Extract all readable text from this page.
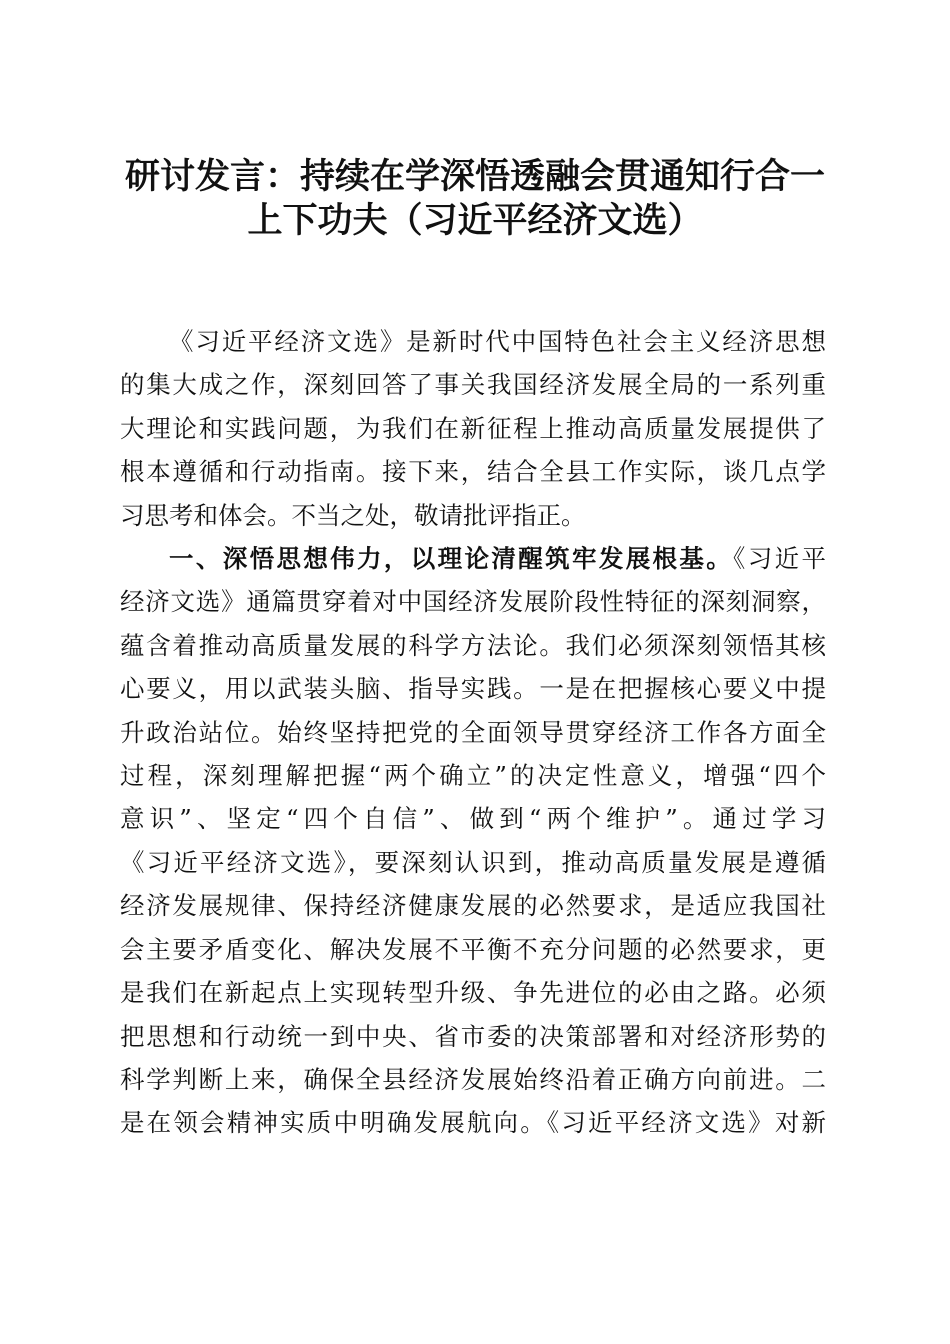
研讨发言：持续在学深悟透融会贯通知行合一
上下功夫（习近平经济文选）
《习近平经济文选》是新时代中国特色社会主义经济思想
的集大成之作，深刻回答了事关我国经济发展全局的一系列重
大理论和实践问题，为我们在新征程上推动高质量发展提供了
根本遵循和行动指南。接下来，结合全县工作实际，谈几点学
习思考和体会。不当之处，敬请批评指正。
一、深悟思想伟力，以理论清醒筑牢发展根基。《习近平
经济文选》通篇贯穿着对中国经济发展阶段性特征的深刻洞察，
蕴含着推动高质量发展的科学方法论。我们必须深刻领悟其核
心要义，用以武装头脑、指导实践。一是在把握核心要义中提
升政治站位。始终坚持把党的全面领导贯穿经济工作各方面全
过程，深刻理解把握“两个确立”的决定性意义，增强“四个
意识”、坚定“四个自信”、做到“两个维护”。通过学习
《习近平经济文选》，要深刻认识到，推动高质量发展是遵循
经济发展规律、保持经济健康发展的必然要求，是适应我国社
会主要矛盾变化、解决发展不平衡不充分问题的必然要求，更
是我们在新起点上实现转型升级、争先进位的必由之路。必须
把思想和行动统一到中央、省市委的决策部署和对经济形势的
科学判断上来，确保全县经济发展始终沿着正确方向前进。二
是在领会精神实质中明确发展航向。《习近平经济文选》对新
